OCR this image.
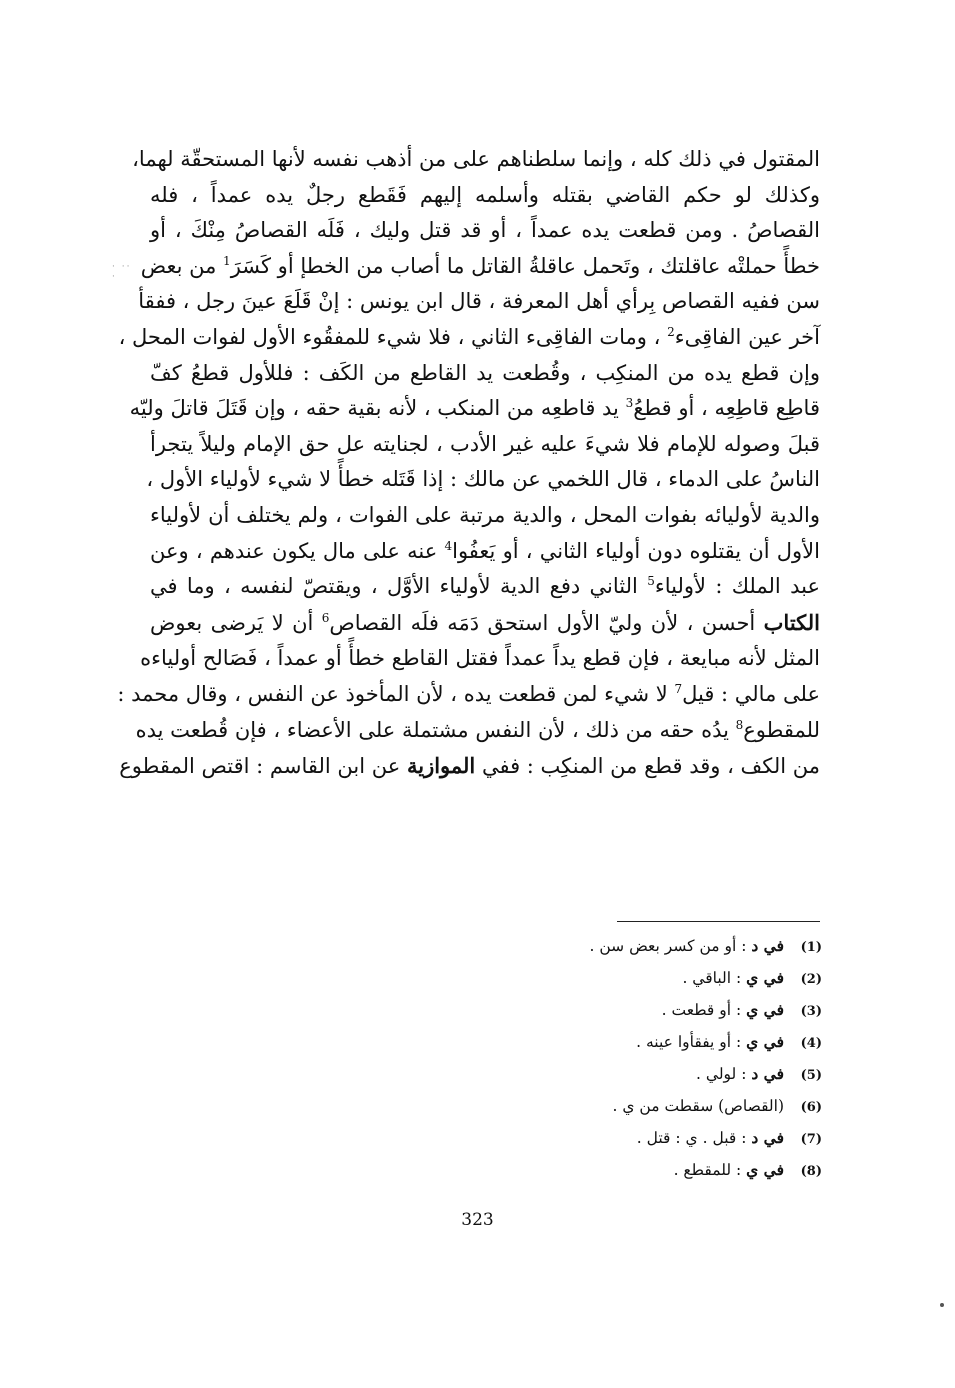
· ·· ·
المقتول في ذلك كله ، وإنما سلطناهم على من أذهب نفسه لأنها المستحقّة لهما،
وكذلك لو حكم القاضي بقتله وأسلمه إليهم فَقَطع رجلٌ يده عمداً ، فله
القصاصُ . ومن قطعت يده عمداً ، أو قد قتل وليك ، فَلَه القصاصُ مِنْكَ ، أو
خطأً حملتْه عاقلتك ، وتَحمل عاقلةُ القاتل ما أصاب من الخطإ أو كَسَرَ$^1$ من بعض
سن ففيه القصاص بِرأي أهل المعرفة ، قال ابن يونس : إنْ قَلَعَ عينَ رجل ، ففقأ
آخر عين الفاقِىء$^2$ ، ومات الفاقِىء الثاني ، فلا شيء للمفقُوء الأول لفوات المحل ،
وإن قطع يده من المنكِب ، وقُطعت يد القاطع من الكَف : فللأول قطعُ كفّ
قاطِع قاطِعِه ، أو قطعُ$^3$ يد قاطعِه من المنكب ، لأنه بقية حقه ، وإن قَتَلَ قاتلَ وليّه
قبلَ وصوله للإمام فلا شيءَ عليه غير الأدب ، لجنايته عل حق الإمام وليلاً يتجرأ
الناسُ على الدماء ، قال اللخمي عن مالك : إذا قَتَله خطأً لا شيء لأولياء الأول ،
والدية لأوليائه بفوات المحل ، والدية مرتبة على الفوات ، ولم يختلف أن لأولياء
الأول أن يقتلوه دون أولياء الثاني ، أو يَعفُوا$^4$ عنه على مال يكون عندهم ، وعن
عبد الملك : لأولياء$^5$ الثاني دفع الدية لأولياء الأوَّل ، ويقتصّ لنفسه ، وما في
الكتاب أحسن ، لأن وليّ الأول استحق دَمَه فلَه القصاص$^6$ أن لا يَرضى بعوض
المثل لأنه مبايعة ، فإن قطع يداً عمداً فقتل القاطع خطأً أو عمداً ، فَصَالح أولياءه
على مالي : قيل$^7$ لا شيء لمن قطعت يده ، لأن المأخوذ عن النفس ، وقال محمد :
للمقطوع$^8$ يدُه حقه من ذلك ، لأن النفس مشتملة على الأعضاء ، فإن قُطعت يده
من الكف ، وقد قطع من المنكِب : ففي الموازية عن ابن القاسم : اقتص المقطوع
(1)في د : أو من كسر بعض سن .
(2)في ي : الباقي .
(3)في ي : أو قطعت .
(4)في ي : أو يفقأوا عينه .
(5)في د : لولي .
(6)(القصاص) سقطت من ي .
(7)في د : قبل . ي : قتل .
(8)في ي : للمقطع .
323
